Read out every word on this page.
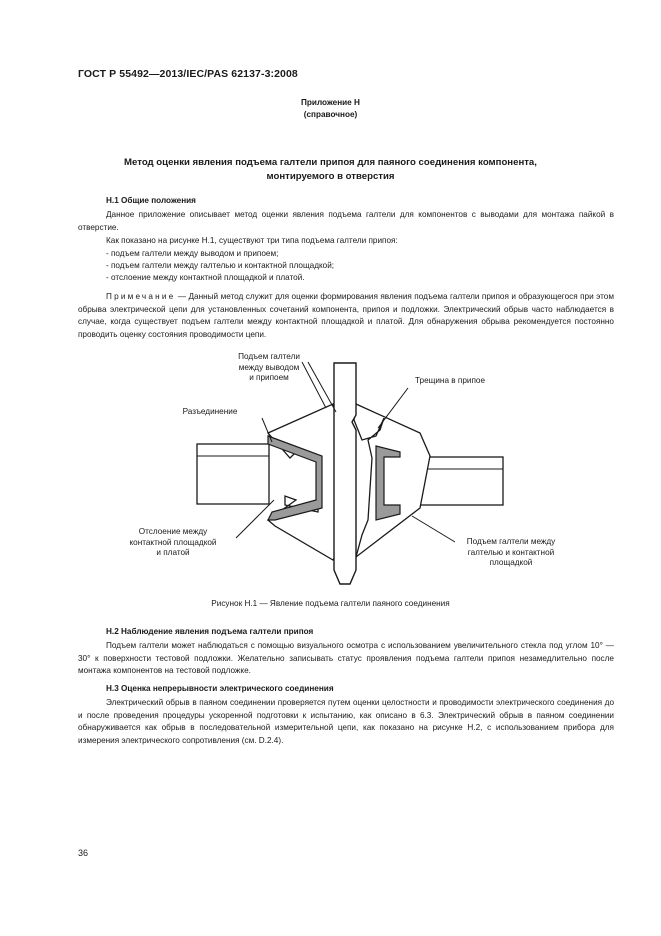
ГОСТ Р 55492—2013/IEC/PAS 62137-3:2008
Приложение Н
(справочное)
Метод оценки явления подъема галтели припоя для паяного соединения компонента,
монтируемого в отверстия
Н.1 Общие положения
Данное приложение описывает метод оценки явления подъема галтели для компонентов с выводами для монтажа пайкой в отверстие.
Как показано на рисунке Н.1, существуют три типа подъема галтели припоя:
- подъем галтели между выводом и припоем;
- подъем галтели между галтелью и контактной площадкой;
- отслоение между контактной площадкой и платой.
Примечание — Данный метод служит для оценки формирования явления подъема галтели припоя и образующегося при этом обрыва электрической цепи для установленных сочетаний компонента, припоя и подложки. Электрический обрыв часто наблюдается в случае, когда существует подъем галтели между контактной площадкой и платой. Для обнаружения обрыва рекомендуется постоянно проводить оценку состояния проводимости цепи.
Подъем галтели
между выводом
и припоем	Трещина в припое
Разъединение
Отслоение между
контактной площадкой
и платой
Подъем галтели между
галтелью и контактной
площадкой
Рисунок Н.1 — Явление подъема галтели паяного соединения
Н.2 Наблюдение явления подъема галтели припоя
Подъем галтели может наблюдаться с помощью визуального осмотра с использованием увеличительного стекла под углом 10° — 30° к поверхности тестовой подложки. Желательно записывать статус проявления подъема галтели припоя незамедлительно после монтажа компонентов на тестовой подложке.
Н.3 Оценка непрерывности электрического соединения
Электрический обрыв в паяном соединении проверяется путем оценки целостности и проводимости электрического соединения до и после проведения процедуры ускоренной подготовки к испытанию, как описано в 6.3. Электрический обрыв в паяном соединении обнаруживается как обрыв в последовательной измерительной цепи, как показано на рисунке Н.2, с использованием прибора для измерения электрического сопротивления (см. D.2.4).
36
